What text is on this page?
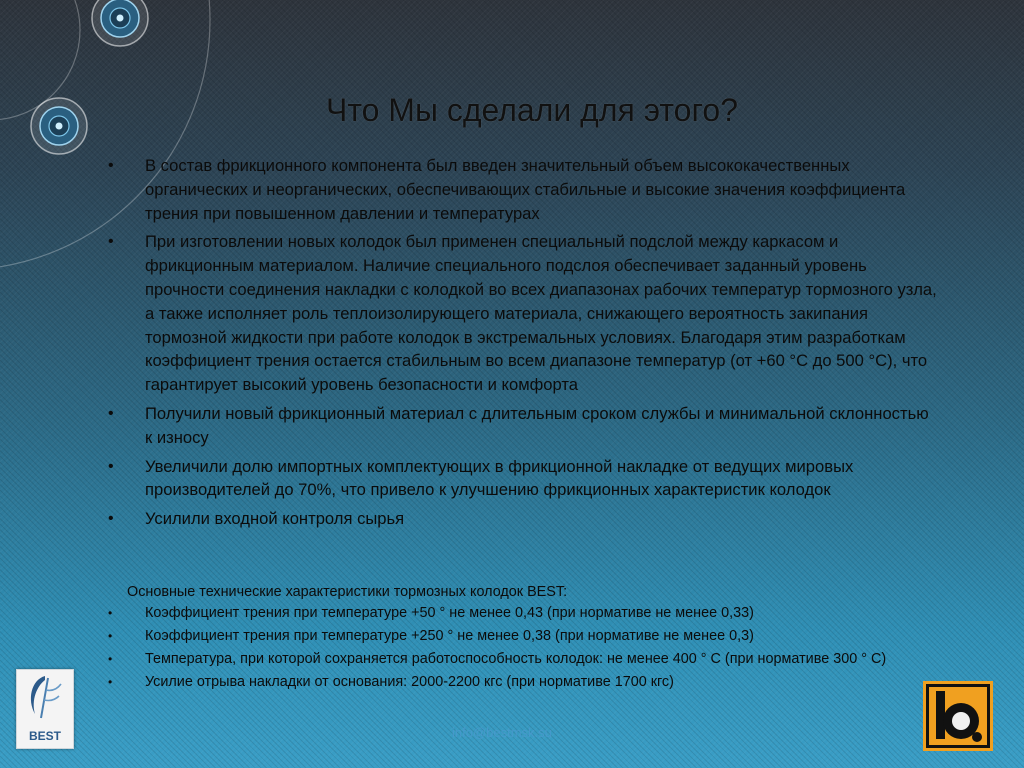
Что Мы сделали для этого?
• В состав фрикционного компонента был введен значительный объем высококачественных органических и неорганических, обеспечивающих стабильные и высокие значения коэффициента трения при повышенном давлении и температурах
• При изготовлении новых колодок был применен специальный подслой между каркасом и фрикционным материалом. Наличие специального подслоя обеспечивает заданный уровень прочности соединения накладки с колодкой во всех диапазонах рабочих температур тормозного узла, а также исполняет роль теплоизолирующего материала, снижающего вероятность закипания тормозной жидкости при работе колодок в экстремальных условиях. Благодаря этим разработкам коэффициент трения остается стабильным во всем диапазоне температур (от +60 °С до 500 °С), что гарантирует высокий уровень безопасности и комфорта
• Получили новый фрикционный материал с длительным сроком службы и минимальной склонностью к износу
• Увеличили долю импортных комплектующих в фрикционной накладке от ведущих мировых производителей до 70%, что привело к улучшению фрикционных характеристик колодок
• Усилили входной контроля сырья
Основные технические характеристики тормозных колодок BEST:
• Коэффициент трения при температуре +50 ° не менее 0,43 (при нормативе не менее 0,33)
• Коэффициент трения при температуре +250 ° не менее 0,38 (при нормативе не менее 0,3)
• Температура, при которой сохраняется работоспособность колодок: не менее 400 ° С (при нормативе 300 ° С)
• Усилие отрыва накладки от основания: 2000-2200 кгс (при нормативе 1700 кгс)
BEST	info@bestmsk.su
